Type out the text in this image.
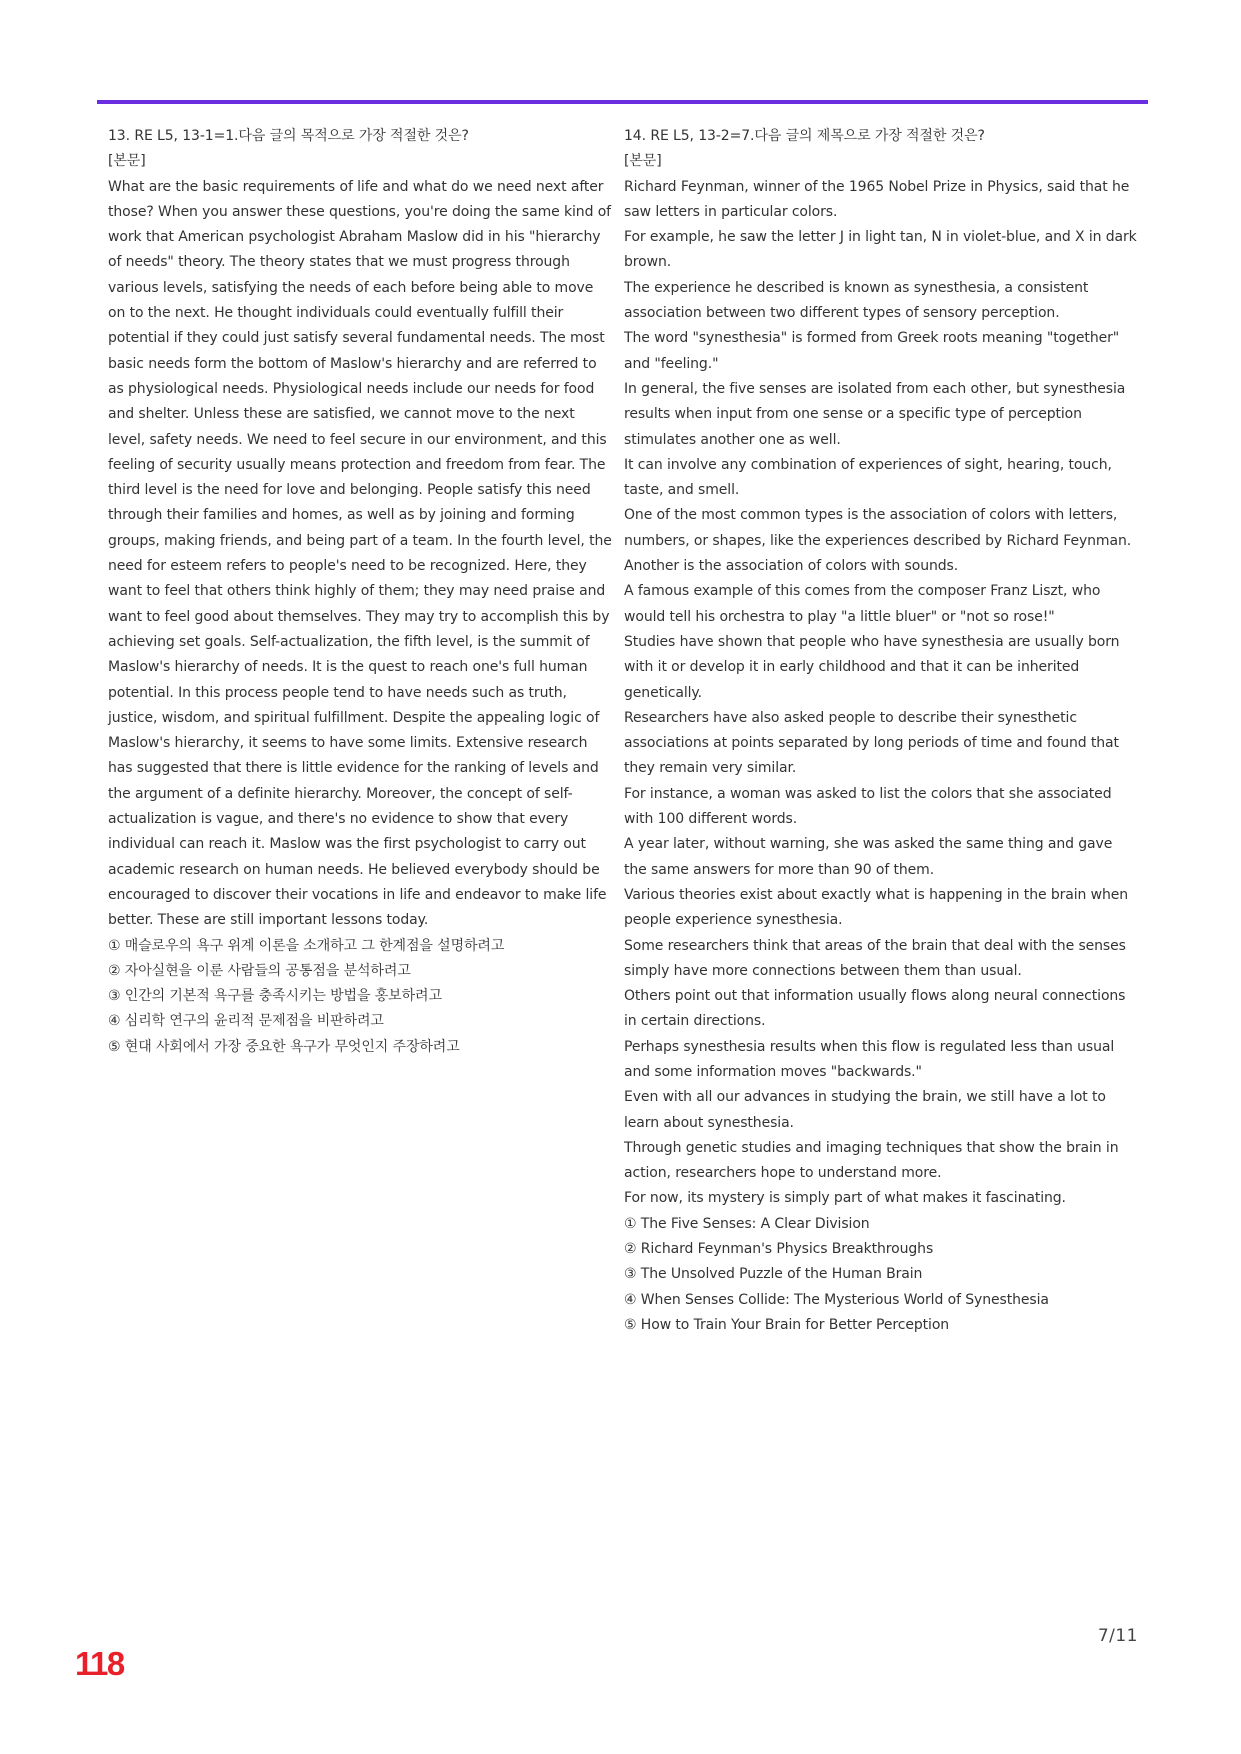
13. RE L5, 13-1=1.다음 글의 목적으로 가장 적절한 것은?

[본문]

What are the basic requirements of life and what do we need next after those? When you answer these questions, you're doing the same kind of work that American psychologist Abraham Maslow did in his "hierarchy of needs" theory. The theory states that we must progress through various levels, satisfying the needs of each before being able to move on to the next. He thought individuals could eventually fulfill their potential if they could just satisfy several fundamental needs. The most basic needs form the bottom of Maslow's hierarchy and are referred to as physiological needs. Physiological needs include our needs for food and shelter. Unless these are satisfied, we cannot move to the next level, safety needs. We need to feel secure in our environment, and this feeling of security usually means protection and freedom from fear. The third level is the need for love and belonging. People satisfy this need through their families and homes, as well as by joining and forming groups, making friends, and being part of a team. In the fourth level, the need for esteem refers to people's need to be recognized. Here, they want to feel that others think highly of them; they may need praise and want to feel good about themselves. They may try to accomplish this by achieving set goals. Self-actualization, the fifth level, is the summit of Maslow's hierarchy of needs. It is the quest to reach one's full human potential. In this process people tend to have needs such as truth, justice, wisdom, and spiritual fulfillment. Despite the appealing logic of Maslow's hierarchy, it seems to have some limits. Extensive research has suggested that there is little evidence for the ranking of levels and the argument of a definite hierarchy. Moreover, the concept of self-actualization is vague, and there's no evidence to show that every individual can reach it. Maslow was the first psychologist to carry out academic research on human needs. He believed everybody should be encouraged to discover their vocations in life and endeavor to make life better. These are still important lessons today.

① 매슬로우의 욕구 위계 이론을 소개하고 그 한계점을 설명하려고
② 자아실현을 이룬 사람들의 공통점을 분석하려고
③ 인간의 기본적 욕구를 충족시키는 방법을 홍보하려고
④ 심리학 연구의 윤리적 문제점을 비판하려고
⑤ 현대 사회에서 가장 중요한 욕구가 무엇인지 주장하려고

14. RE L5, 13-2=7.다음 글의 제목으로 가장 적절한 것은?

[본문]

Richard Feynman, winner of the 1965 Nobel Prize in Physics, said that he saw letters in particular colors.

For example, he saw the letter J in light tan, N in violet-blue, and X in dark brown.

The experience he described is known as synesthesia, a consistent association between two different types of sensory perception.

The word "synesthesia" is formed from Greek roots meaning "together" and "feeling."

In general, the five senses are isolated from each other, but synesthesia results when input from one sense or a specific type of perception stimulates another one as well.

It can involve any combination of experiences of sight, hearing, touch, taste, and smell.

One of the most common types is the association of colors with letters, numbers, or shapes, like the experiences described by Richard Feynman.

Another is the association of colors with sounds.

A famous example of this comes from the composer Franz Liszt, who would tell his orchestra to play "a little bluer" or "not so rose!"

Studies have shown that people who have synesthesia are usually born with it or develop it in early childhood and that it can be inherited genetically.

Researchers have also asked people to describe their synesthetic associations at points separated by long periods of time and found that they remain very similar.

For instance, a woman was asked to list the colors that she associated with 100 different words.

A year later, without warning, she was asked the same thing and gave the same answers for more than 90 of them.

Various theories exist about exactly what is happening in the brain when people experience synesthesia.

Some researchers think that areas of the brain that deal with the senses simply have more connections between them than usual.

Others point out that information usually flows along neural connections in certain directions.

Perhaps synesthesia results when this flow is regulated less than usual and some information moves "backwards."

Even with all our advances in studying the brain, we still have a lot to learn about synesthesia.

Through genetic studies and imaging techniques that show the brain in action, researchers hope to understand more.

For now, its mystery is simply part of what makes it fascinating.

① The Five Senses: A Clear Division
② Richard Feynman's Physics Breakthroughs
③ The Unsolved Puzzle of the Human Brain
④ When Senses Collide: The Mysterious World of Synesthesia
⑤ How to Train Your Brain for Better Perception
7/11
118
